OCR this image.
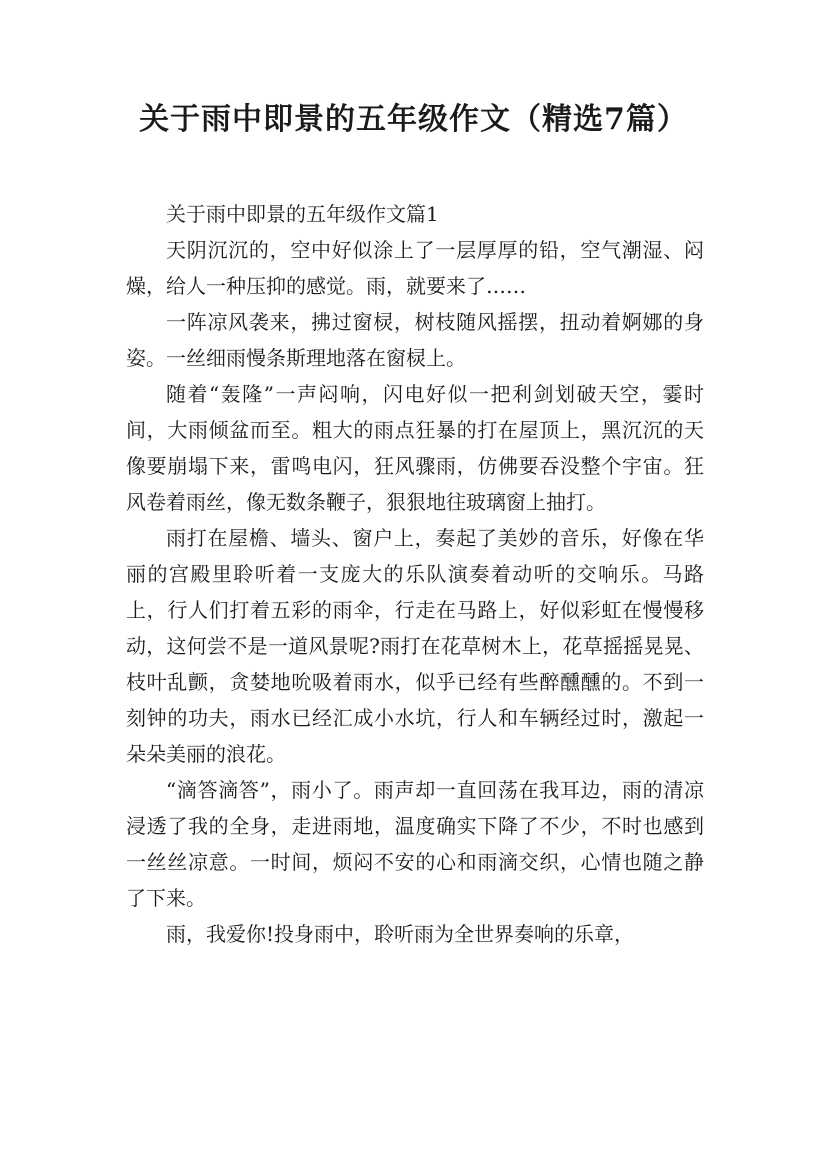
关于雨中即景的五年级作文（精选7篇）

关于雨中即景的五年级作文篇1

天阴沉沉的，空中好似涂上了一层厚厚的铅，空气潮湿、闷燥，给人一种压抑的感觉。雨，就要来了……

一阵凉风袭来，拂过窗棂，树枝随风摇摆，扭动着婀娜的身姿。一丝细雨慢条斯理地落在窗棂上。

随着“轰隆”一声闷响，闪电好似一把利剑划破天空，霎时间，大雨倾盆而至。粗大的雨点狂暴的打在屋顶上，黑沉沉的天像要崩塌下来，雷鸣电闪，狂风骤雨，仿佛要吞没整个宇宙。狂风卷着雨丝，像无数条鞭子，狠狠地往玻璃窗上抽打。

雨打在屋檐、墙头、窗户上，奏起了美妙的音乐，好像在华丽的宫殿里聆听着一支庞大的乐队演奏着动听的交响乐。马路上，行人们打着五彩的雨伞，行走在马路上，好似彩虹在慢慢移动，这何尝不是一道风景呢?雨打在花草树木上，花草摇摇晃晃、枝叶乱颤，贪婪地吮吸着雨水，似乎已经有些醉醺醺的。不到一刻钟的功夫，雨水已经汇成小水坑，行人和车辆经过时，激起一朵朵美丽的浪花。

“滴答滴答”，雨小了。雨声却一直回荡在我耳边，雨的清凉浸透了我的全身，走进雨地，温度确实下降了不少，不时也感到一丝丝凉意。一时间，烦闷不安的心和雨滴交织，心情也随之静了下来。

雨，我爱你!投身雨中，聆听雨为全世界奏响的乐章，
